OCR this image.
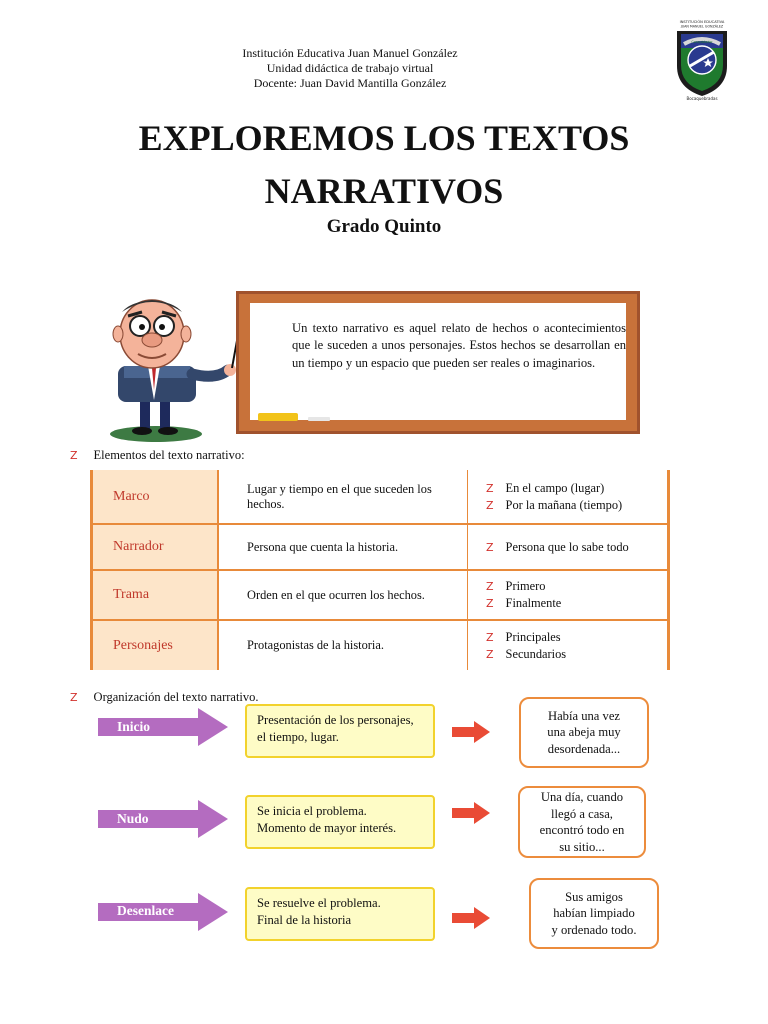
Institución Educativa Juan Manuel González
Unidad didáctica de trabajo virtual
Docente: Juan David Mantilla González
INSTITUCIÓN EDUCATIVA
JUAN MANUEL GONZÁLEZ
Conquistador
Bocaquebradas
EXPLOREMOS LOS TEXTOS
NARRATIVOS
Grado Quinto
Un texto narrativo es aquel relato de hechos o acontecimientos que le suceden a unos personajes. Estos hechos se desarrollan en un tiempo y un espacio que pueden ser reales o imaginarios.
Z Elementos del texto narrativo:
Marco	Lugar y tiempo en el que suceden los hechos.	Z En el campo (lugar)
Z Por la mañana (tiempo)

Narrador	Persona que cuenta la historia.	Z Persona que lo sabe todo

Trama	Orden en el que ocurren los hechos.	Z Primero
Z Finalmente

Personajes	Protagonistas de la historia.	Z Principales
Z Secundarios
Z Organización del texto narrativo.
Inicio	Presentación de los personajes,
el tiempo, lugar.
Había una vez
una abeja muy
desordenada...
Nudo	Se inicia el problema.
Momento de mayor interés.
Una día, cuando
llegó a casa,
encontró todo en
su sitio...
Desenlace	Se resuelve el problema.
Final de la historia
Sus amigos
habían limpiado
y ordenado todo.
